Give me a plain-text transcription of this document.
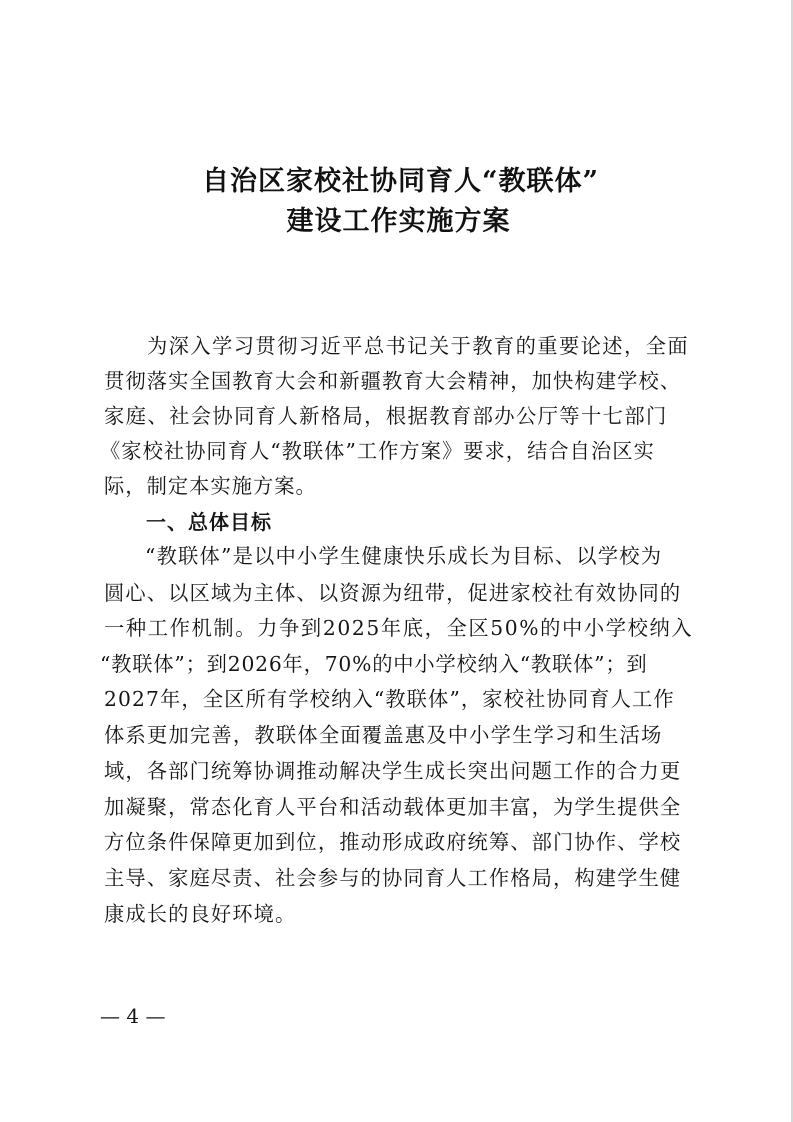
自治区家校社协同育人“教联体”
建设工作实施方案

为深入学习贯彻习近平总书记关于教育的重要论述，全面

贯彻落实全国教育大会和新疆教育大会精神，加快构建学校、

家庭、社会协同育人新格局，根据教育部办公厅等十七部门

《家校社协同育人“教联体”工作方案》要求，结合自治区实

际，制定本实施方案。

一、总体目标

“教联体”是以中小学生健康快乐成长为目标、以学校为

圆心、以区域为主体、以资源为纽带，促进家校社有效协同的

一种工作机制。力争到2025年底，全区50%的中小学校纳入

“教联体”；到2026年，70%的中小学校纳入“教联体”；到

2027年，全区所有学校纳入“教联体”，家校社协同育人工作

体系更加完善，教联体全面覆盖惠及中小学生学习和生活场

域，各部门统筹协调推动解决学生成长突出问题工作的合力更

加凝聚，常态化育人平台和活动载体更加丰富，为学生提供全

方位条件保障更加到位，推动形成政府统筹、部门协作、学校

主导、家庭尽责、社会参与的协同育人工作格局，构建学生健

康成长的良好环境。

— 4 —
